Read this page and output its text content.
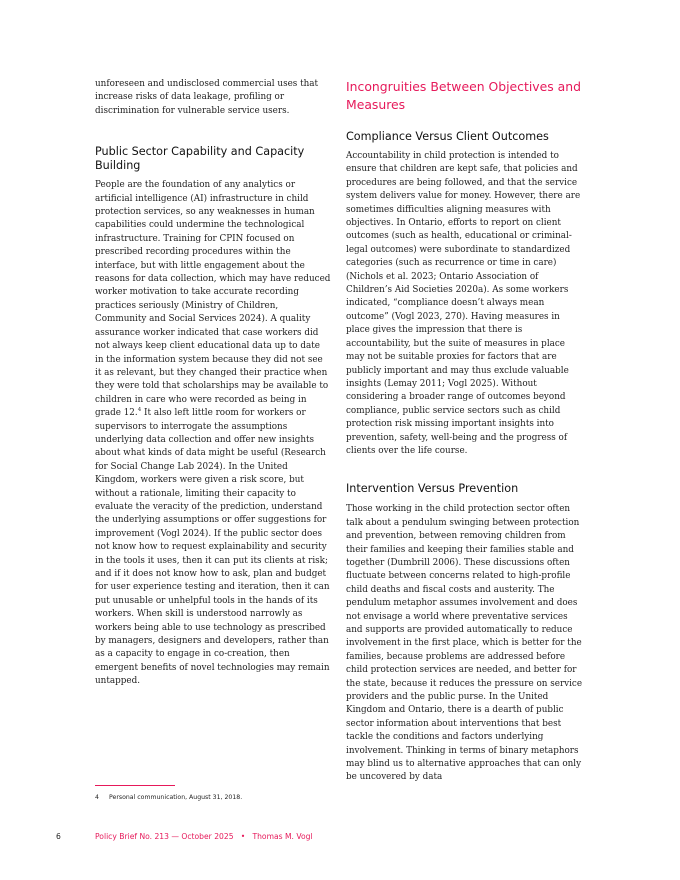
unforeseen and undisclosed commercial uses that increase risks of data leakage, profiling or discrimination for vulnerable service users.

Public Sector Capability and Capacity Building

People are the foundation of any analytics or artificial intelligence (AI) infrastructure in child protection services, so any weaknesses in human capabilities could undermine the technological infrastructure. Training for CPIN focused on prescribed recording procedures within the interface, but with little engagement about the reasons for data collection, which may have reduced worker motivation to take accurate recording practices seriously (Ministry of Children, Community and Social Services 2024). A quality assurance worker indicated that case workers did not always keep client educational data up to date in the information system because they did not see it as relevant, but they changed their practice when they were told that scholarships may be available to children in care who were recorded as being in grade 12.$^4$ It also left little room for workers or supervisors to interrogate the assumptions underlying data collection and offer new insights about what kinds of data might be useful (Research for Social Change Lab 2024). In the United Kingdom, workers were given a risk score, but without a rationale, limiting their capacity to evaluate the veracity of the prediction, understand the underlying assumptions or offer suggestions for improvement (Vogl 2024). If the public sector does not know how to request explainability and security in the tools it uses, then it can put its clients at risk; and if it does not know how to ask, plan and budget for user experience testing and iteration, then it can put unusable or unhelpful tools in the hands of its workers. When skill is understood narrowly as workers being able to use technology as prescribed by managers, designers and developers, rather than as a capacity to engage in co-creation, then emergent benefits of novel technologies may remain untapped.

Incongruities Between Objectives and Measures
Compliance Versus Client Outcomes

Accountability in child protection is intended to ensure that children are kept safe, that policies and procedures are being followed, and that the service system delivers value for money. However, there are sometimes difficulties aligning measures with objectives. In Ontario, efforts to report on client outcomes (such as health, educational or criminal-legal outcomes) were subordinate to standardized categories (such as recurrence or time in care) (Nichols et al. 2023; Ontario Association of Children’s Aid Societies 2020a). As some workers indicated, “compliance doesn’t always mean outcome” (Vogl 2023, 270). Having measures in place gives the impression that there is accountability, but the suite of measures in place may not be suitable proxies for factors that are publicly important and may thus exclude valuable insights (Lemay 2011; Vogl 2025). Without considering a broader range of outcomes beyond compliance, public service sectors such as child protection risk missing important insights into prevention, safety, well-being and the progress of clients over the life course.

Intervention Versus Prevention

Those working in the child protection sector often talk about a pendulum swinging between protection and prevention, between removing children from their families and keeping their families stable and together (Dumbrill 2006). These discussions often fluctuate between concerns related to high-profile child deaths and fiscal costs and austerity. The pendulum metaphor assumes involvement and does not envisage a world where preventative services and supports are provided automatically to reduce involvement in the first place, which is better for the families, because problems are addressed before child protection services are needed, and better for the state, because it reduces the pressure on service providers and the public purse. In the United Kingdom and Ontario, there is a dearth of public sector information about interventions that best tackle the conditions and factors underlying involvement. Thinking in terms of binary metaphors may blind us to alternative approaches that can only be uncovered by data

4 Personal communication, August 31, 2018.
6	Policy Brief No. 213 — October 2025   •   Thomas M. Vogl
